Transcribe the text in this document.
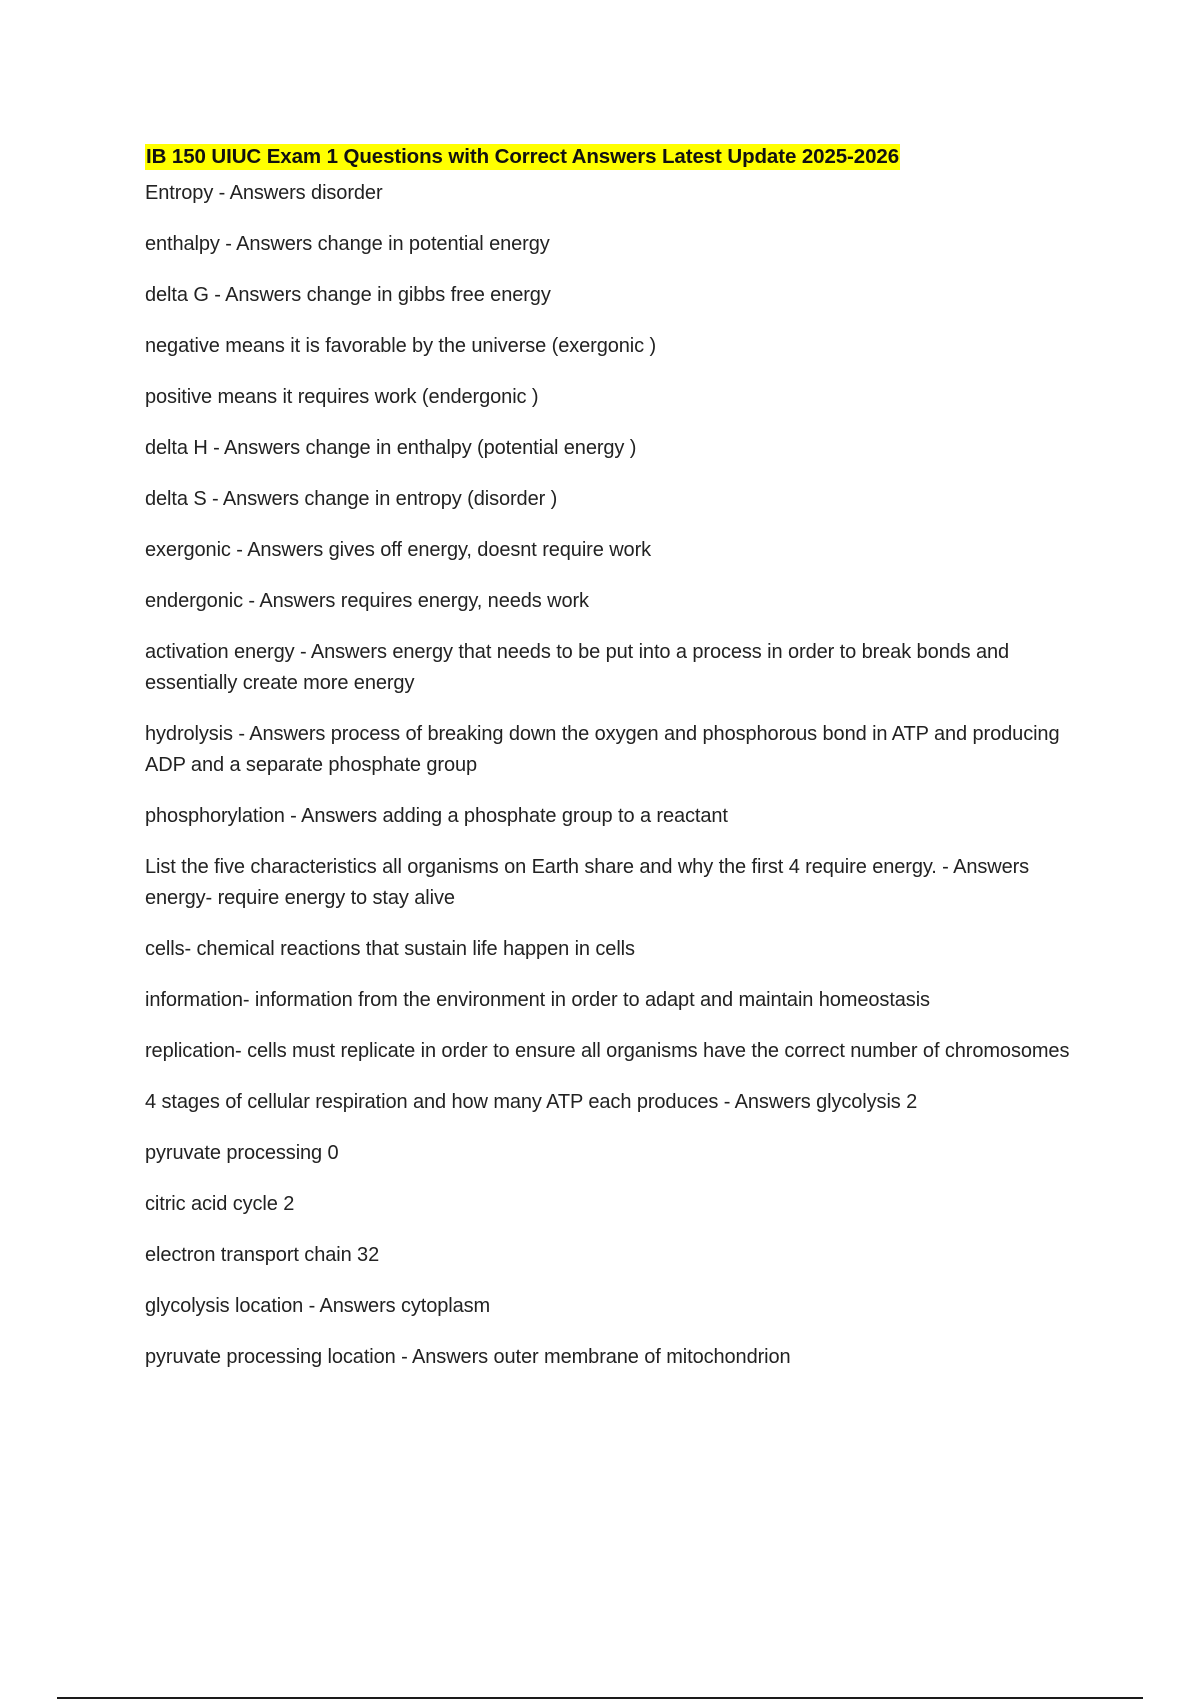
IB 150 UIUC Exam 1 Questions with Correct Answers Latest Update 2025-2026
Entropy - Answers disorder
enthalpy - Answers change in potential energy
delta G - Answers change in gibbs free energy
negative means it is favorable by the universe (exergonic )
positive means it requires work (endergonic )
delta H - Answers change in enthalpy (potential energy )
delta S - Answers change in entropy (disorder )
exergonic - Answers gives off energy, doesnt require work
endergonic - Answers requires energy, needs work
activation energy - Answers energy that needs to be put into a process in order to break bonds and essentially create more energy
hydrolysis - Answers process of breaking down the oxygen and phosphorous bond in ATP and producing ADP and a separate phosphate group
phosphorylation - Answers adding a phosphate group to a reactant
List the five characteristics all organisms on Earth share and why the first 4 require energy. - Answers energy- require energy to stay alive
cells- chemical reactions that sustain life happen in cells
information- information from the environment in order to adapt and maintain homeostasis
replication- cells must replicate in order to ensure all organisms have the correct number of chromosomes
4 stages of cellular respiration and how many ATP each produces - Answers glycolysis 2
pyruvate processing 0
citric acid cycle 2
electron transport chain 32
glycolysis location - Answers cytoplasm
pyruvate processing location - Answers outer membrane of mitochondrion
